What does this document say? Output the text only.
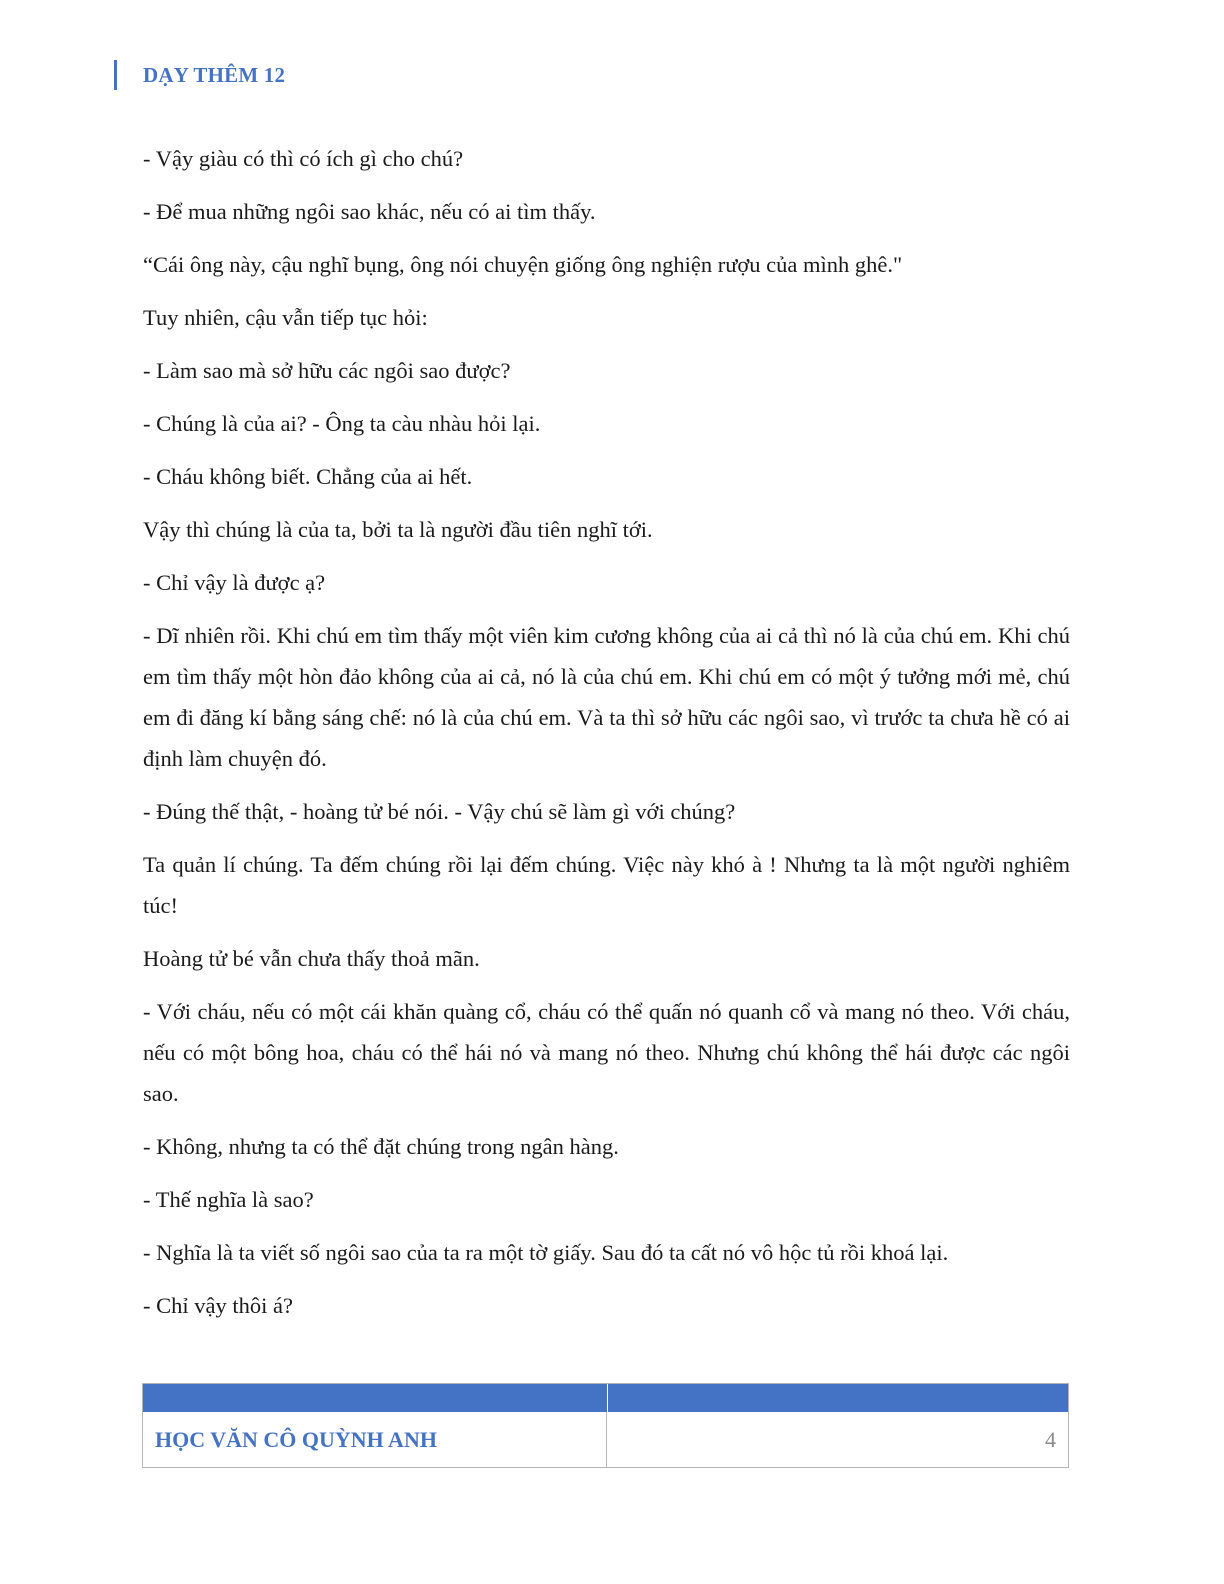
DẠY THÊM 12

- Vậy giàu có thì có ích gì cho chú?

- Để mua những ngôi sao khác, nếu có ai tìm thấy.

“Cái ông này, cậu nghĩ bụng, ông nói chuyện giống ông nghiện rượu của mình ghê."

Tuy nhiên, cậu vẫn tiếp tục hỏi:

- Làm sao mà sở hữu các ngôi sao được?

- Chúng là của ai? - Ông ta càu nhàu hỏi lại.

- Cháu không biết. Chẳng của ai hết.

Vậy thì chúng là của ta, bởi ta là người đầu tiên nghĩ tới.

- Chỉ vậy là được ạ?

- Dĩ nhiên rồi. Khi chú em tìm thấy một viên kim cương không của ai cả thì nó là của chú em. Khi chú em tìm thấy một hòn đảo không của ai cả, nó là của chú em. Khi chú em có một ý tưởng mới mẻ, chú em đi đăng kí bằng sáng chế: nó là của chú em. Và ta thì sở hữu các ngôi sao, vì trước ta chưa hề có ai định làm chuyện đó.

- Đúng thế thật, - hoàng tử bé nói. - Vậy chú sẽ làm gì với chúng?

Ta quản lí chúng. Ta đếm chúng rồi lại đếm chúng. Việc này khó à ! Nhưng ta là một người nghiêm túc!

Hoàng tử bé vẫn chưa thấy thoả mãn.

- Với cháu, nếu có một cái khăn quàng cổ, cháu có thể quấn nó quanh cổ và mang nó theo. Với cháu, nếu có một bông hoa, cháu có thể hái nó và mang nó theo. Nhưng chú không thể hái được các ngôi sao.

- Không, nhưng ta có thể đặt chúng trong ngân hàng.

- Thế nghĩa là sao?

- Nghĩa là ta viết số ngôi sao của ta ra một tờ giấy. Sau đó ta cất nó vô hộc tủ rồi khoá lại.

- Chỉ vậy thôi á?

HỌC VĂN CÔ QUỲNH ANH	4
